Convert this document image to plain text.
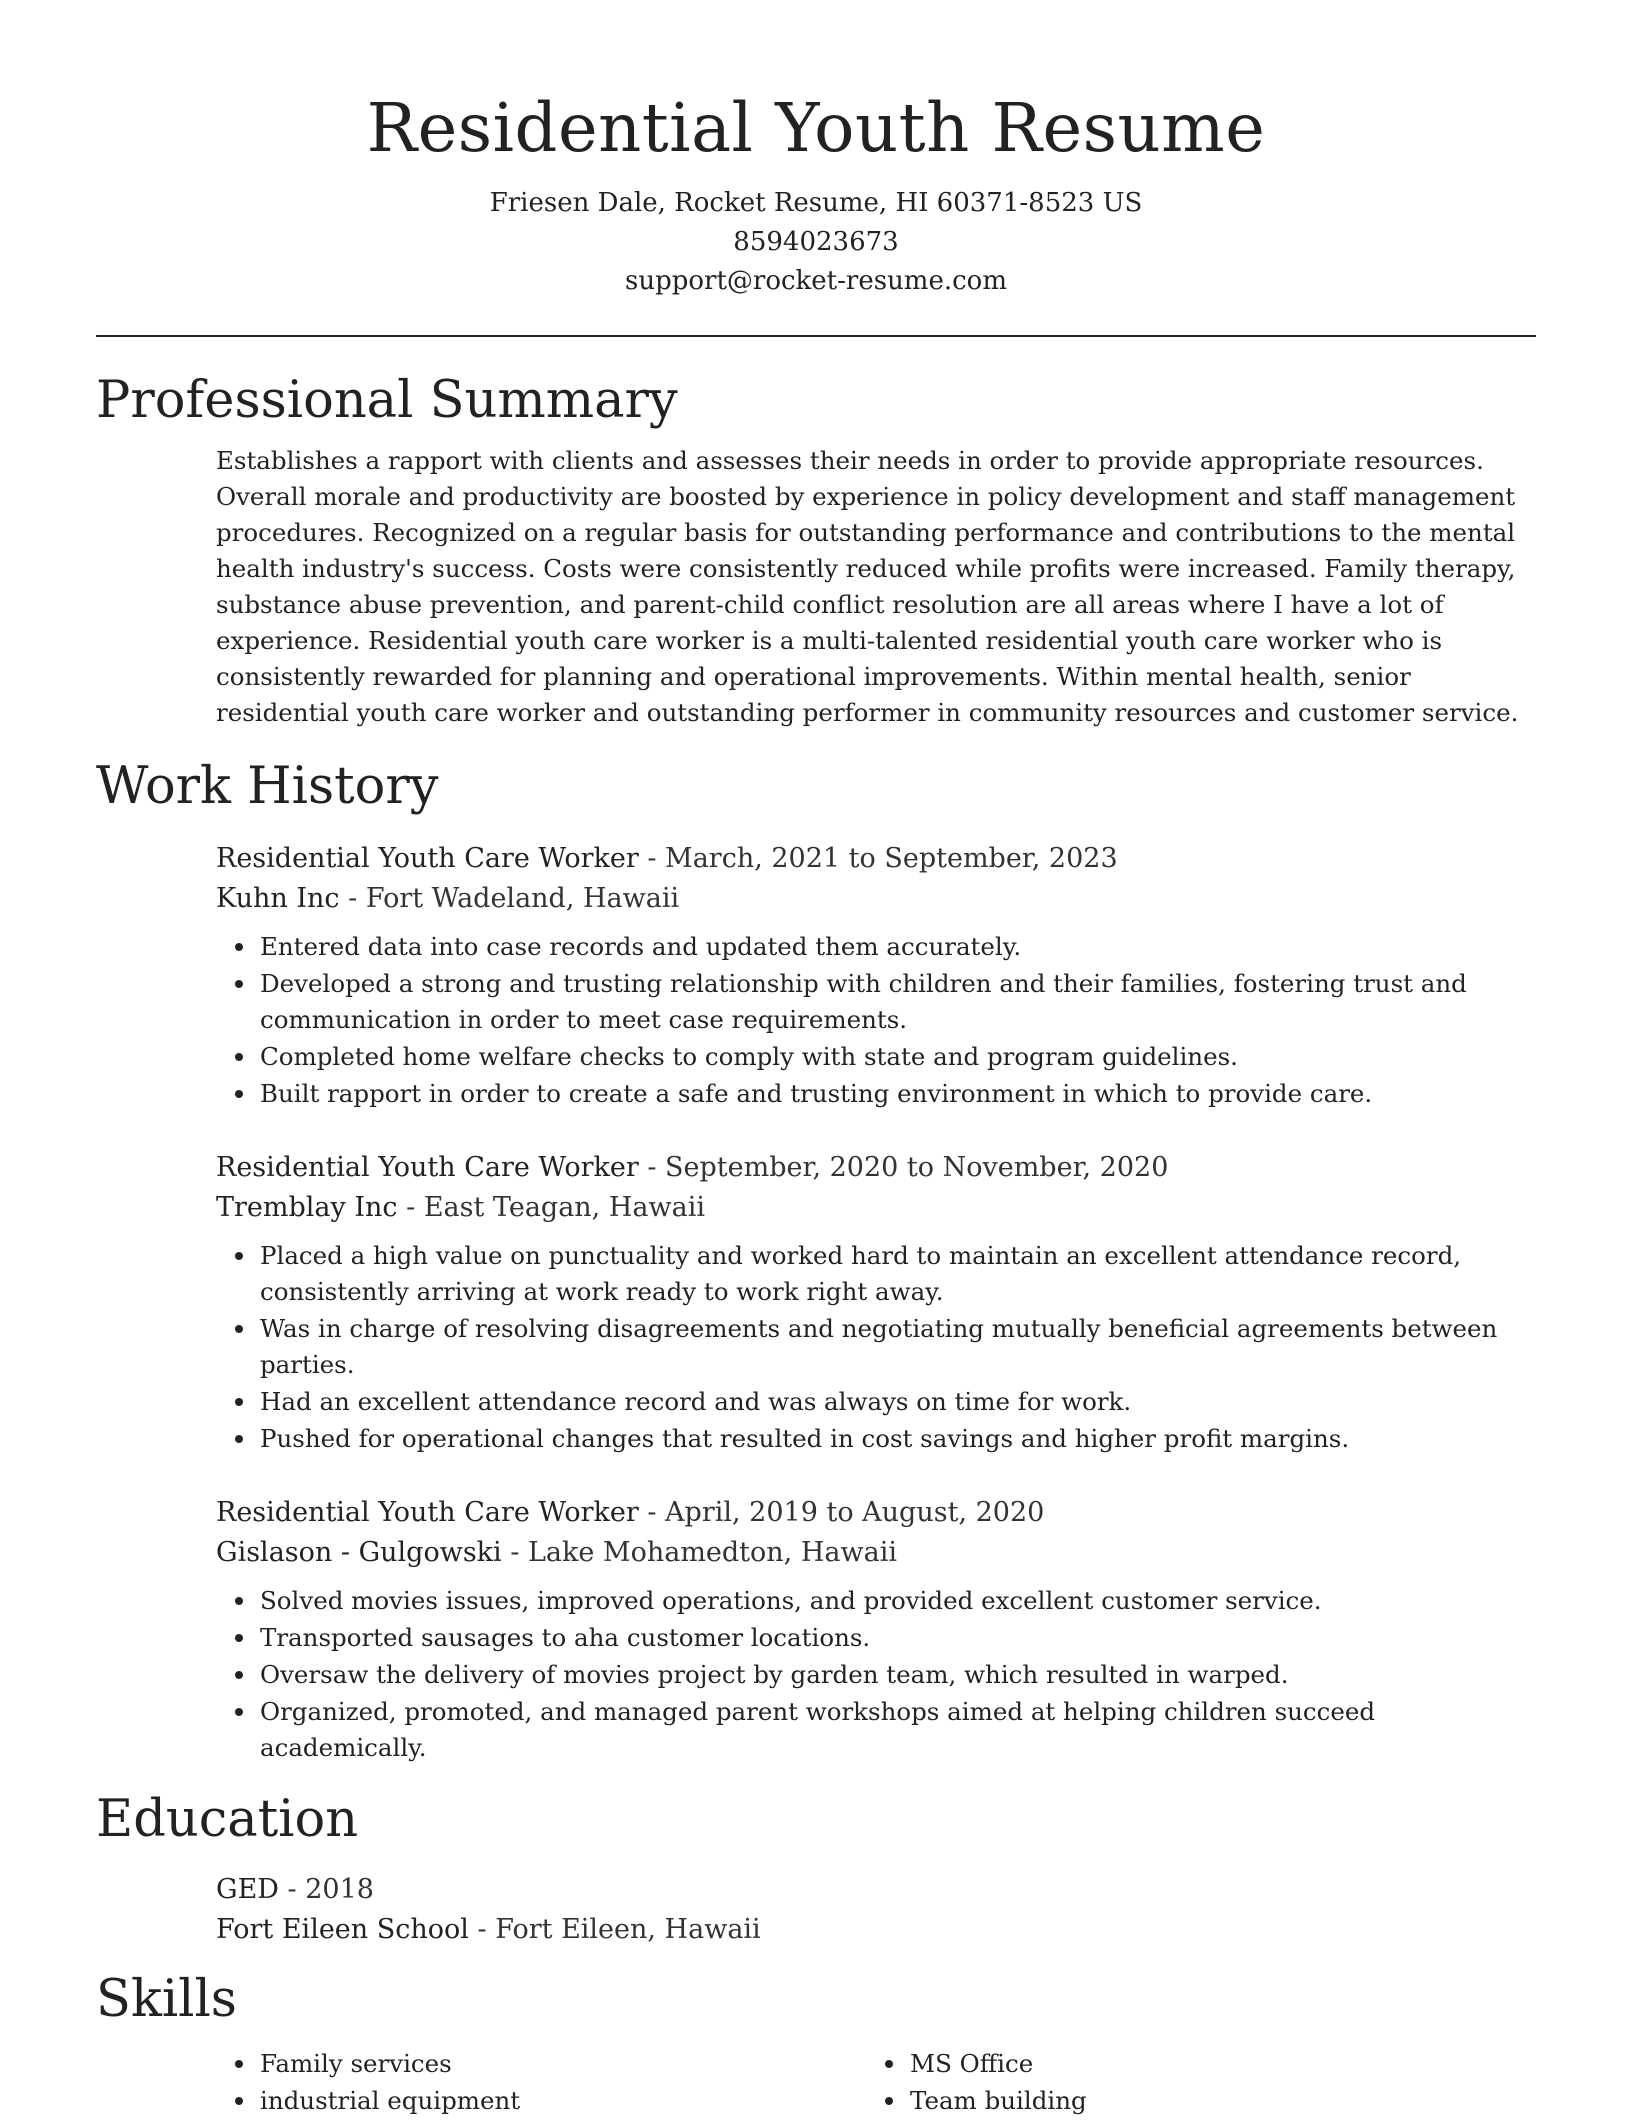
Residential Youth Resume

Friesen Dale, Rocket Resume, HI 60371-8523 US

8594023673

support@rocket-resume.com

Professional Summary

Establishes a rapport with clients and assesses their needs in order to provide appropriate resources. Overall morale and productivity are boosted by experience in policy development and staff management procedures. Recognized on a regular basis for outstanding performance and contributions to the mental health industry's success. Costs were consistently reduced while profits were increased. Family therapy, substance abuse prevention, and parent-child conflict resolution are all areas where I have a lot of experience. Residential youth care worker is a multi-talented residential youth care worker who is consistently rewarded for planning and operational improvements. Within mental health, senior residential youth care worker and outstanding performer in community resources and customer service.

Work History

Residential Youth Care Worker - March, 2021 to September, 2023

Kuhn Inc - Fort Wadeland, Hawaii

Entered data into case records and updated them accurately.
Developed a strong and trusting relationship with children and their families, fostering trust and communication in order to meet case requirements.
Completed home welfare checks to comply with state and program guidelines.
Built rapport in order to create a safe and trusting environment in which to provide care.

Residential Youth Care Worker - September, 2020 to November, 2020

Tremblay Inc - East Teagan, Hawaii

Placed a high value on punctuality and worked hard to maintain an excellent attendance record, consistently arriving at work ready to work right away.
Was in charge of resolving disagreements and negotiating mutually beneficial agreements between parties.
Had an excellent attendance record and was always on time for work.
Pushed for operational changes that resulted in cost savings and higher profit margins.

Residential Youth Care Worker - April, 2019 to August, 2020

Gislason - Gulgowski - Lake Mohamedton, Hawaii

Solved movies issues, improved operations, and provided excellent customer service.
Transported sausages to aha customer locations.
Oversaw the delivery of movies project by garden team, which resulted in warped.
Organized, promoted, and managed parent workshops aimed at helping children succeed academically.
Education

GED - 2018

Fort Eileen School - Fort Eileen, Hawaii

Skills
Family services
industrial equipment
MS Office
Team building
